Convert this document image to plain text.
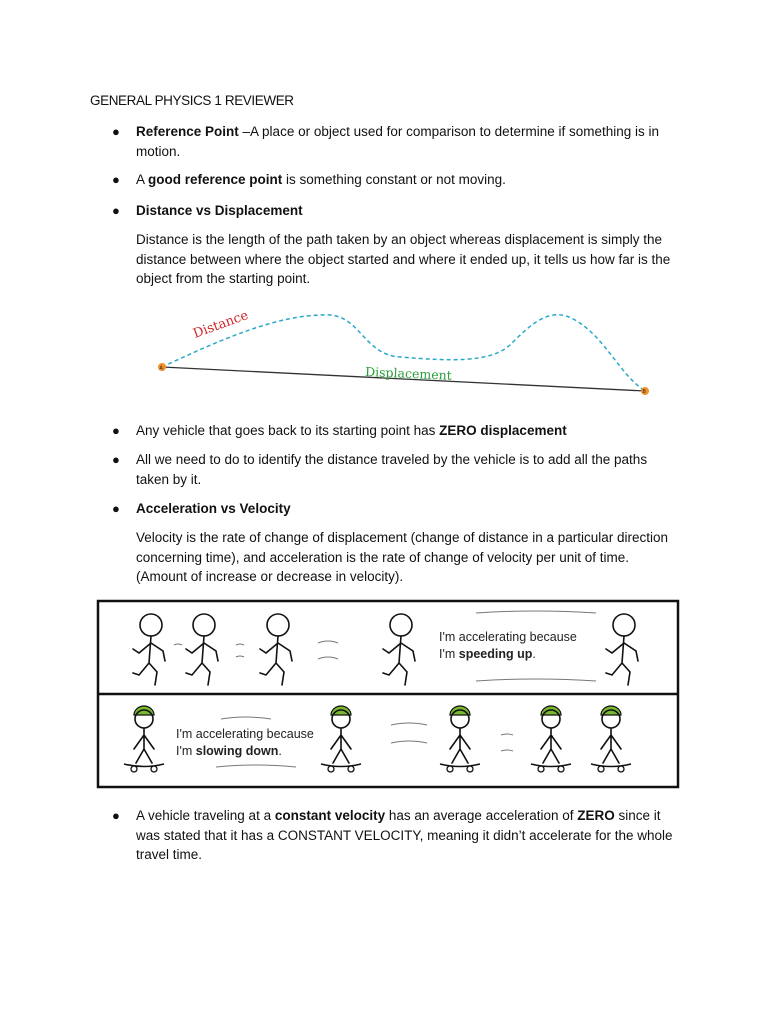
GENERAL PHYSICS 1 REVIEWER
● Reference Point –A place or object used for comparison to determine if something is in motion.
● A good reference point is something constant or not moving.
● Distance vs Displacement
Distance is the length of the path taken by an object whereas displacement is simply the distance between where the object started and where it ended up, it tells us how far is the object from the starting point.
Distance
Displacement
A
B
● Any vehicle that goes back to its starting point has ZERO displacement
● All we need to do to identify the distance traveled by the vehicle is to add all the paths taken by it.
● Acceleration vs Velocity
Velocity is the rate of change of displacement (change of distance in a particular direction concerning time), and acceleration is the rate of change of velocity per unit of time. (Amount of increase or decrease in velocity).
I'm accelerating because
I'm speeding up.
I'm accelerating because
I'm slowing down.
● A vehicle traveling at a constant velocity has an average acceleration of ZERO since it was stated that it has a CONSTANT VELOCITY, meaning it didn’t accelerate for the whole travel time.
